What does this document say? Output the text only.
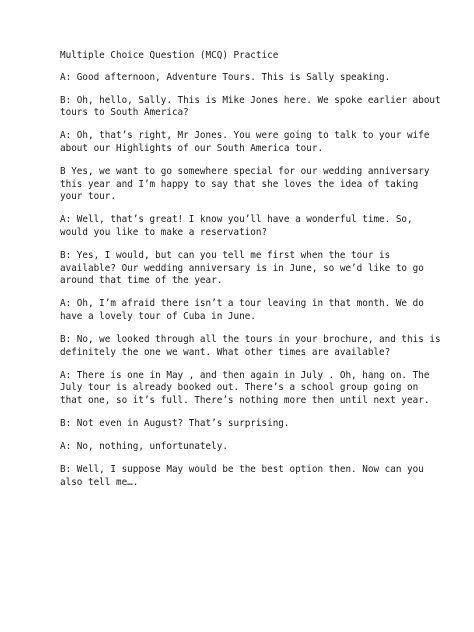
Multiple Choice Question (MCQ) Practice
A: Good afternoon, Adventure Tours. This is Sally speaking.
B: Oh, hello, Sally. This is Mike Jones here. We spoke earlier about
tours to South America?
A: Oh, that’s right, Mr Jones. You were going to talk to your wife
about our Highlights of our South America tour.
B Yes, we want to go somewhere special for our wedding anniversary
this year and I’m happy to say that she loves the idea of taking
your tour.
A: Well, that’s great! I know you’ll have a wonderful time. So,
would you like to make a reservation?
B: Yes, I would, but can you tell me first when the tour is
available? Our wedding anniversary is in June, so we’d like to go
around that time of the year.
A: Oh, I’m afraid there isn’t a tour leaving in that month. We do
have a lovely tour of Cuba in June.
B: No, we looked through all the tours in your brochure, and this is
definitely the one we want. What other times are available?
A: There is one in May , and then again in July . Oh, hang on. The
July tour is already booked out. There’s a school group going on
that one, so it’s full. There’s nothing more then until next year.
B: Not even in August? That’s surprising.
A: No, nothing, unfortunately.
B: Well, I suppose May would be the best option then. Now can you
also tell me….
